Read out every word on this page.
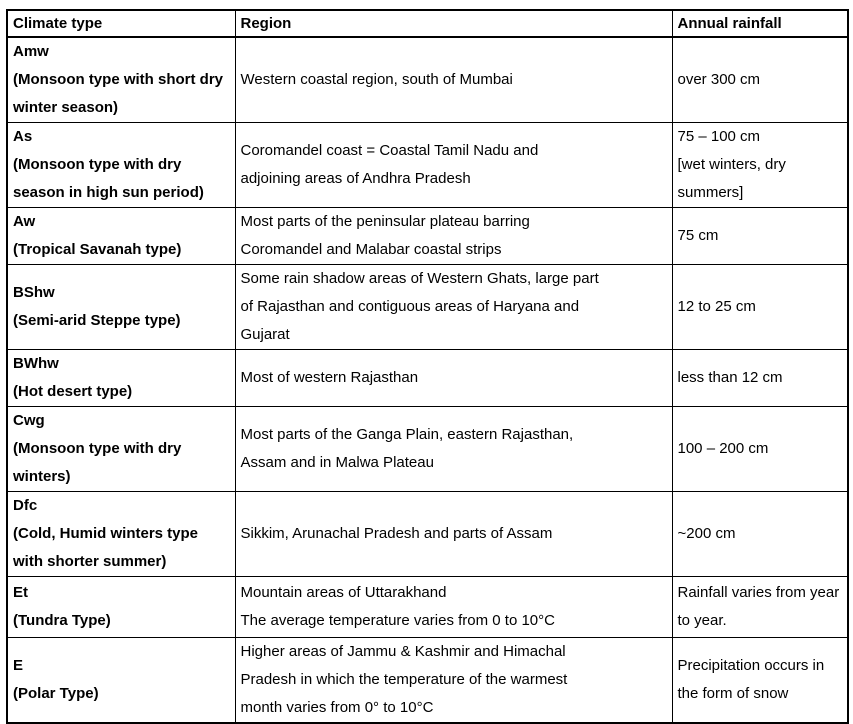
Climate type	Region	Annual rainfall

Amw
(Monsoon type with short dry winter season)	Western coastal region, south of Mumbai	over 300 cm

As
(Monsoon type with dry season in high sun period)	Coromandel coast = Coastal Tamil Nadu and
adjoining areas of Andhra Pradesh	75 – 100 cm
[wet winters, dry summers]

Aw
(Tropical Savanah type)	Most parts of the peninsular plateau barring
Coromandel and Malabar coastal strips	75 cm

BShw
(Semi-arid Steppe type)	Some rain shadow areas of Western Ghats, large part
of Rajasthan and contiguous areas of Haryana and
Gujarat	12 to 25 cm

BWhw
(Hot desert type)	Most of western Rajasthan	less than 12 cm

Cwg
(Monsoon type with dry winters)	Most parts of the Ganga Plain, eastern Rajasthan,
Assam and in Malwa Plateau	100 – 200 cm

Dfc
(Cold, Humid winters type with shorter summer)	Sikkim, Arunachal Pradesh and parts of Assam	~200 cm

Et
(Tundra Type)	Mountain areas of Uttarakhand
The average temperature varies from 0 to 10°C	Rainfall varies from year to year.

E
(Polar Type)	Higher areas of Jammu & Kashmir and Himachal
Pradesh in which the temperature of the warmest
month varies from 0° to 10°C	Precipitation occurs in the form of snow
